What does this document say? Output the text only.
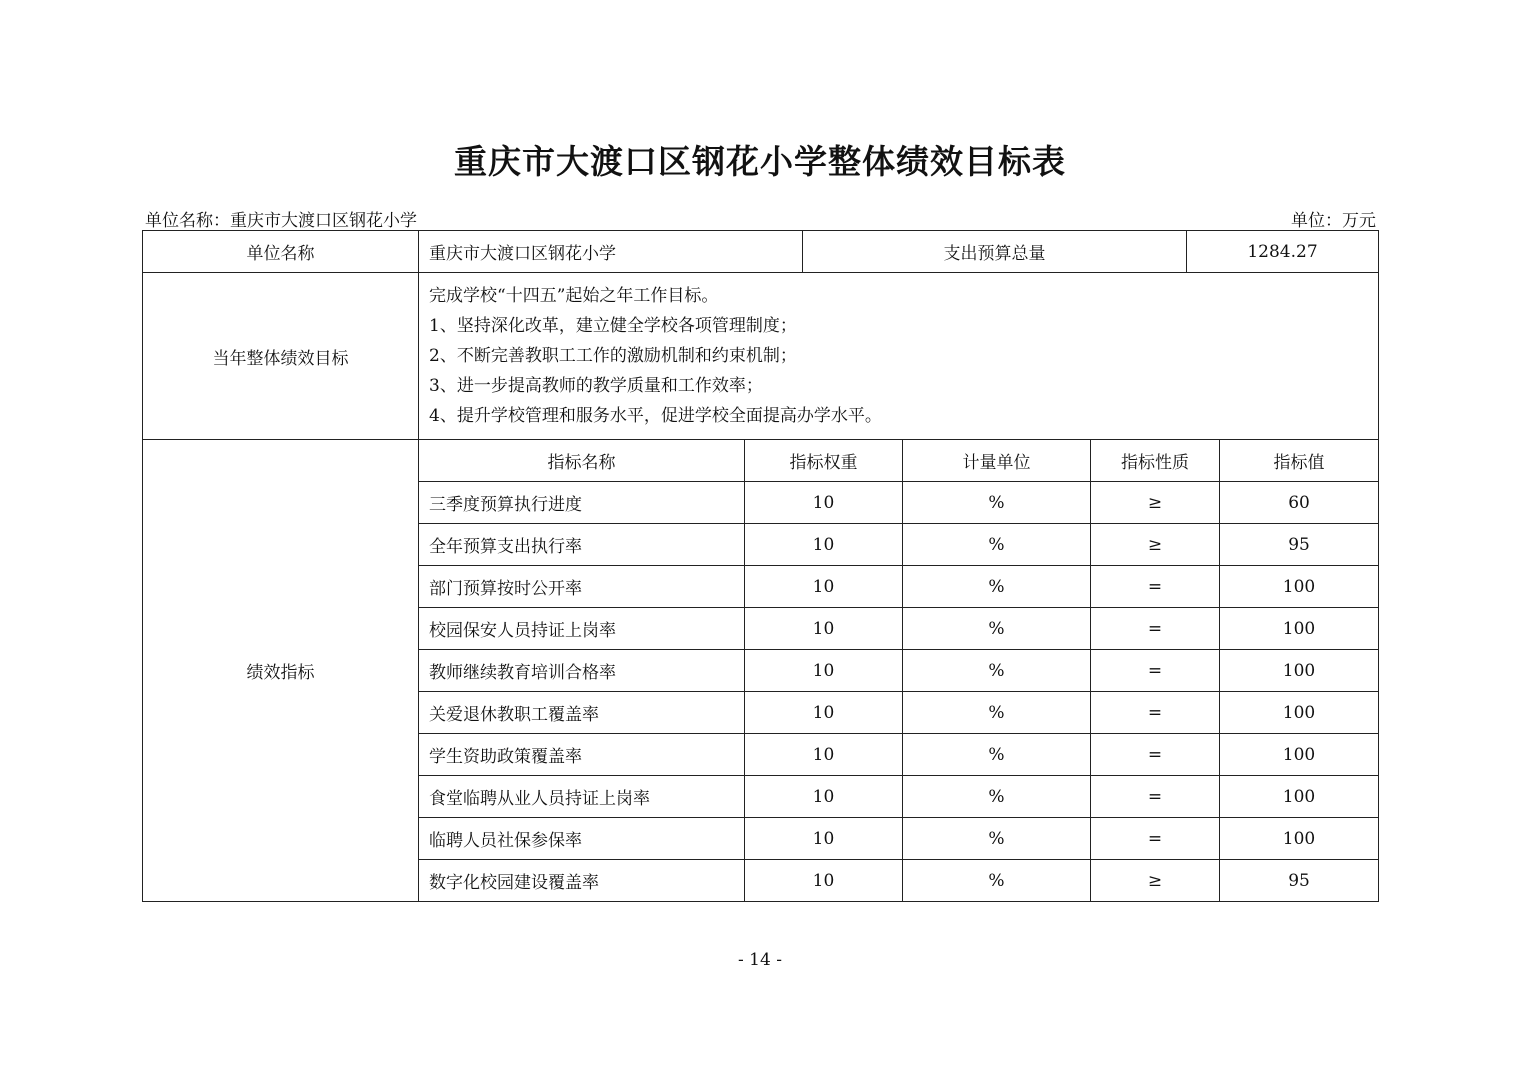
重庆市大渡口区钢花小学整体绩效目标表
单位名称：重庆市大渡口区钢花小学	单位：万元
单位名称	重庆市大渡口区钢花小学		支出预算总量			1284.27	
当年整体绩效目标	完成学校“十四五”起始之年工作目标。
1、坚持深化改革，建立健全学校各项管理制度；
2、不断完善教职工工作的激励机制和约束机制；
3、进一步提高教师的教学质量和工作效率；
4、提升学校管理和服务水平，促进学校全面提高办学水平。						

绩效指标	指标名称	指标权重		计量单位	指标性质		指标值
	三季度预算执行进度	10		%	≥		60
	全年预算支出执行率	10		%	≥		95
	部门预算按时公开率	10		%	=		100
	校园保安人员持证上岗率	10		%	=		100
	教师继续教育培训合格率	10		%	=		100
	关爱退休教职工覆盖率	10		%	=		100
	学生资助政策覆盖率	10		%	=		100
	食堂临聘从业人员持证上岗率	10		%	=		100
	临聘人员社保参保率	10		%	=		100
	数字化校园建设覆盖率	10		%	≥		95
- 14 -
